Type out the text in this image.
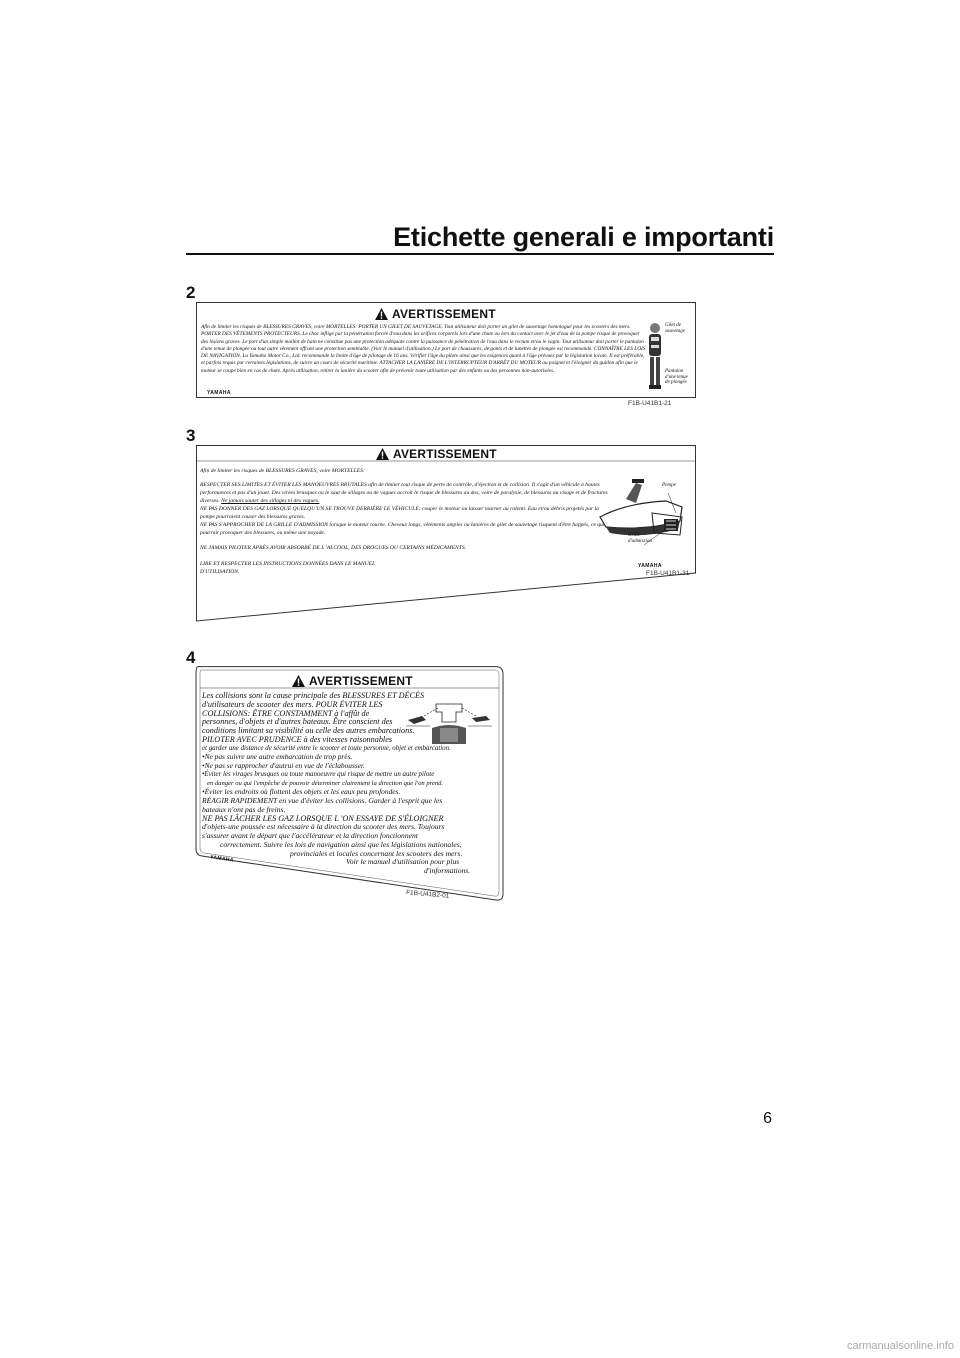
Etichette generali e importanti
2
AVERTISSEMENT
Afin de limiter les risques de BLESSURES GRAVES, voire MORTELLES: PORTER UN GILET DE SAUVETAGE. Tout utilisateur doit porter un gilet de sauvetage homologué pour les scooters des mers. PORTER DES VÊTEMENTS PROTECTEURS. Le choc infligé par la pénétration forcée d'eau dans les orifices corporels lors d'une chute ou lors du contact avec le jet d'eau de la pompe risque de provoquer des lésions graves. Le port d'un simple maillot de bain ne constitue pas une protection adéquate contre la puissance de pénétration de l'eau dans le rectum et/ou le vagin. Tout utilisateur doit porter le pantalon d'une tenue de plongée ou tout autre vêtement offrant une protection semblable. (Voir le manuel d'utilisation.) Le port de chaussures, de gants et de lunettes de plongée est recommandé. CONNAÎTRE LES LOIS DE NAVIGATION. La Yamaha Motor Co., Ltd. recommande la limite d'âge de pilotage de 16 ans. Vérifier l'âge du pilote ainsi que les exigences quant à l'âge prévues par la législation locale. Il est préférable, et parfois requis par certaines législations, de suivre un cours de sécurité maritime. ATTACHER LA LANIÈRE DE L'INTERRUPTEUR D'ARRÊT DU MOTEUR au poignet et l'éloigner du guidon afin que le moteur se coupe bien en cas de chute. Après utilisation, retirer la lanière du scooter afin de prévenir toute utilisation par des enfants ou des personnes non-autorisées.
Gilet de sauvetage
Pantalon d'une tenue de plongée
YAMAHA
F1B-U41B1-21
3
AVERTISSEMENT

Afin de limiter les risques de BLESSURES GRAVES, voire MORTELLES:

RESPECTER SES LIMITES ET ÉVITER LES MANOEUVRES BRUTALES afin de limiter tout risque de perte de contrôle, d'éjection et de collision. Il s'agit d'un véhicule à hautes performances et pas d'un jouet. Des virées brusques ou le saut de sillages ou de vagues accroît le risque de blessures au dos, voire de paralysie, de blessures au visage et de fractures diverses. Ne jamais sauter des sillages ni des vagues.

NE PAS DONNER DES GAZ LORSQUE QUELQU'UN SE TROUVE DERRIÈRE LE VÉHICULE: couper le moteur ou laisser tourner au ralenti. Eau et/ou débris projetés par la pompe pourraient causer des blessures graves.

NE PAS S'APPROCHER DE LA GRILLE D'ADMISSION lorsque le moteur tourne. Cheveux longs, vêtements amples ou lanières de gilet de sauvetage risquent d'être happés, ce qui pourrait provoquer des blessures, ou même une noyade.

NE JAMAIS PILOTER APRÈS AVOIR ABSORBÉ DE L 'ALCOOL, DES DROGUES OU CERTAINS MÉDICAMENTS.

LIRE ET RESPECTER LES INSTRUCTIONS DONNÉES DANS LE MANUEL D'UTILISATION.

Pompe
Grille d'admission
YAMAHA
F1B-U41B1-31
4
AVERTISSEMENT

Les collisions sont la cause principale des BLESSURES ET DÉCÈS

d'utilisateurs de scooter des mers. POUR ÉVITER LES

COLLISIONS: ÊTRE CONSTAMMENT à l'affût de

personnes, d'objets et d'autres bateaux. Être conscient des

conditions limitant sa visibilité ou celle des autres embarcations.

PILOTER AVEC PRUDENCE à des vitesses raisonnables

et garder une distance de sécurité entre le scooter et toute personne, objet et embarcation.

•Ne pas suivre une autre embarcation de trop près.

•Ne pas se rapprocher d'autrui en vue de l'éclabousser.

•Éviter les virages brusques ou toute manoeuvre qui risque de mettre un autre pilote

en danger ou qui l'empêche de pouvoir déterminer clairement la direction que l'on prend.

•Éviter les endroits où flottent des objets et les eaux peu profondes.

RÉAGIR RAPIDEMENT en vue d'éviter les collisions. Garder à l'esprit que les

bateaux n'ont pas de freins.

NE PAS LÂCHER LES GAZ LORSQUE L 'ON ESSAYE DE S'ÉLOIGNER

d'objets-une poussée est nécessaire à la direction du scooter des mers. Toujours

s'assurer avant le départ que l'accélérateur et la direction fonctionnent

correctement. Suivre les lois de navigation ainsi que les législations nationales,

provinciales et locales concernant les scooters des mers.

Voir le manuel d'utilisation pour plus

d'informations.

YAMAHA
F1B-U41B2-01
6
carmanualsonline.info
